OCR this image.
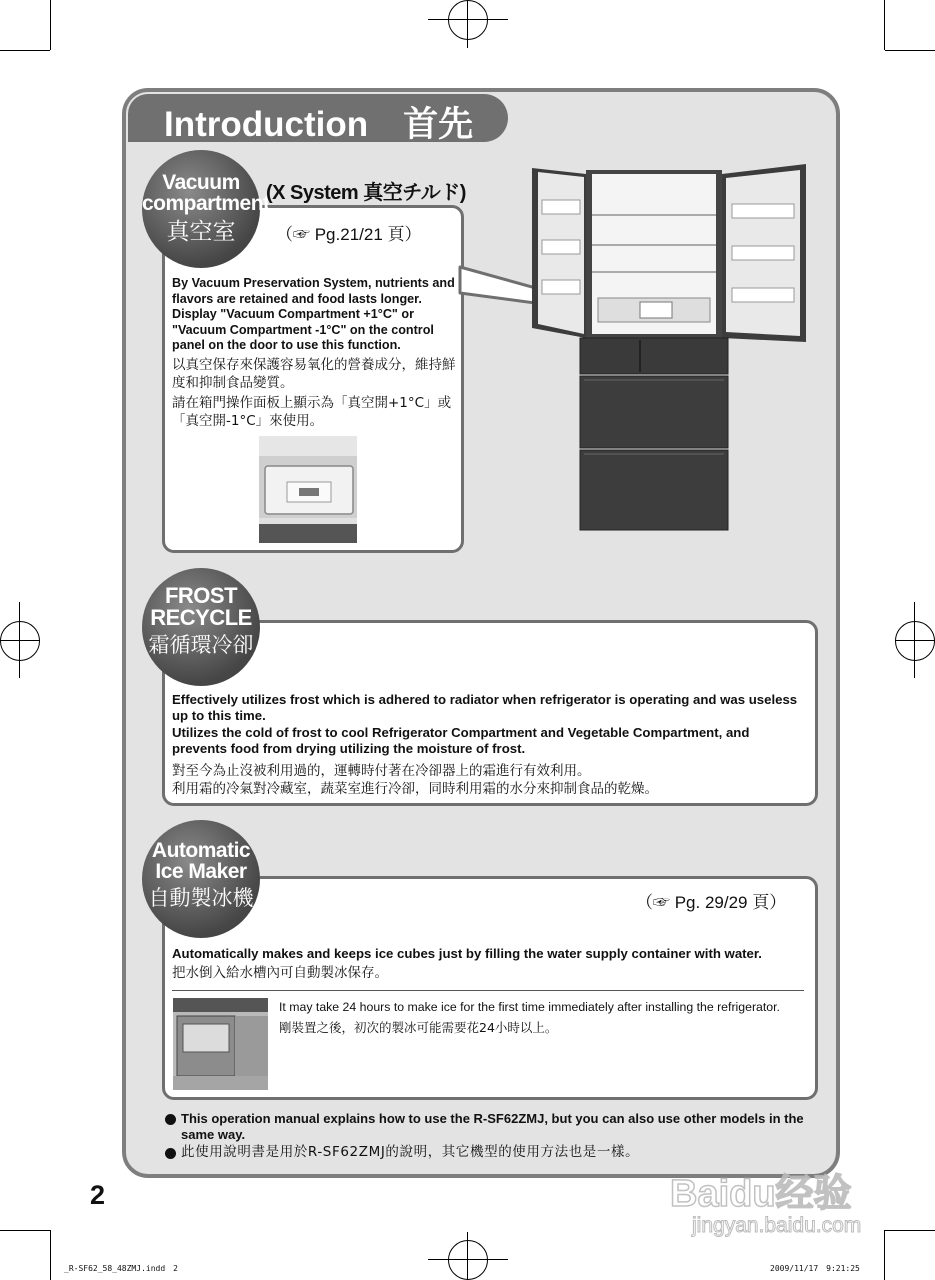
Introduction　首先
Vacuum
compartment
真空室
(X System 真空チルド)
（☞ Pg.21/21 頁）
By Vacuum Preservation System, nutrients and flavors are retained and food lasts longer.
Display "Vacuum Compartment +1°C" or "Vacuum Compartment -1°C" on the control panel on the door to use this function.
以真空保存來保護容易氧化的營養成分，維持鮮度和抑制食品變質。
請在箱門操作面板上顯示為「真空開+1°C」或「真空開-1°C」來使用。
FROST
RECYCLE
霜循環冷卻
Effectively utilizes frost which is adhered to radiator when refrigerator is operating and was useless up to this time.
Utilizes the cold of frost to cool Refrigerator Compartment and Vegetable Compartment, and prevents food from drying utilizing the moisture of frost.
對至今為止沒被利用過的，運轉時付著在冷卻器上的霜進行有效利用。
利用霜的冷氣對冷藏室，蔬菜室進行冷卻，同時利用霜的水分來抑制食品的乾燥。
Automatic
Ice Maker
自動製冰機	（☞ Pg. 29/29 頁）
Automatically makes and keeps ice cubes just by filling the water supply container with water.
把水倒入給水槽內可自動製冰保存。
It may take 24 hours to make ice for the first time immediately after installing the refrigerator.
剛裝置之後，初次的製冰可能需要花24小時以上。
This operation manual explains how to use the R-SF62ZMJ, but you can also use other models in the same way.
此使用說明書是用於R-SF62ZMJ的說明，其它機型的使用方法也是一樣。
2	Baidu经验
jingyan.baidu.com
_R-SF62_58_48ZMJ.indd　2	2009/11/17　9:21:25
